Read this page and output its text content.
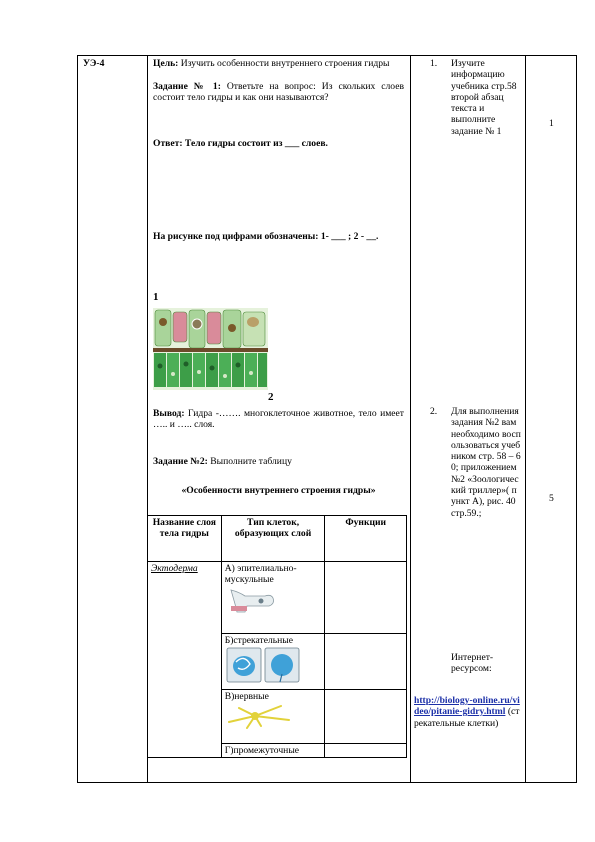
УЭ-4	Цель: Изучить особенности внутреннего строения гидры
Задание № 1: Ответьте на вопрос: Из скольких слоев состоит тело гидры и как они называются?
Ответ: Тело гидры состоит из ___ слоев.
На рисунке под цифрами обозначены: 1- ___ ; 2 - __.
1
2
Вывод: Гидра -……. многоклеточное животное, тело имеет ….. и ….. слоя.
Задание №2: Выполните таблицу
«Особенности внутреннего строения гидры»
Название слоя тела гидры	Тип клеток, образующих слой	Функции
Эктодерма	А) эпителиально-мускульные	

	Б)стрекательные	

	В)нервные	

	Г)промежуточные	
1. Изучите информацию учебника стр.58 второй абзац текста и выполните задание № 1
2. Для выполнения задания №2 вам необходимо воспользоваться учебником стр. 58 – 60; приложением №2 «Зоологический триллер»( пункт А), рис. 40 стр.59.;
Интернет-ресурсом:
http://biology-online.ru/video/pitanie-gidry.html (стрекательные клетки)
1
5
